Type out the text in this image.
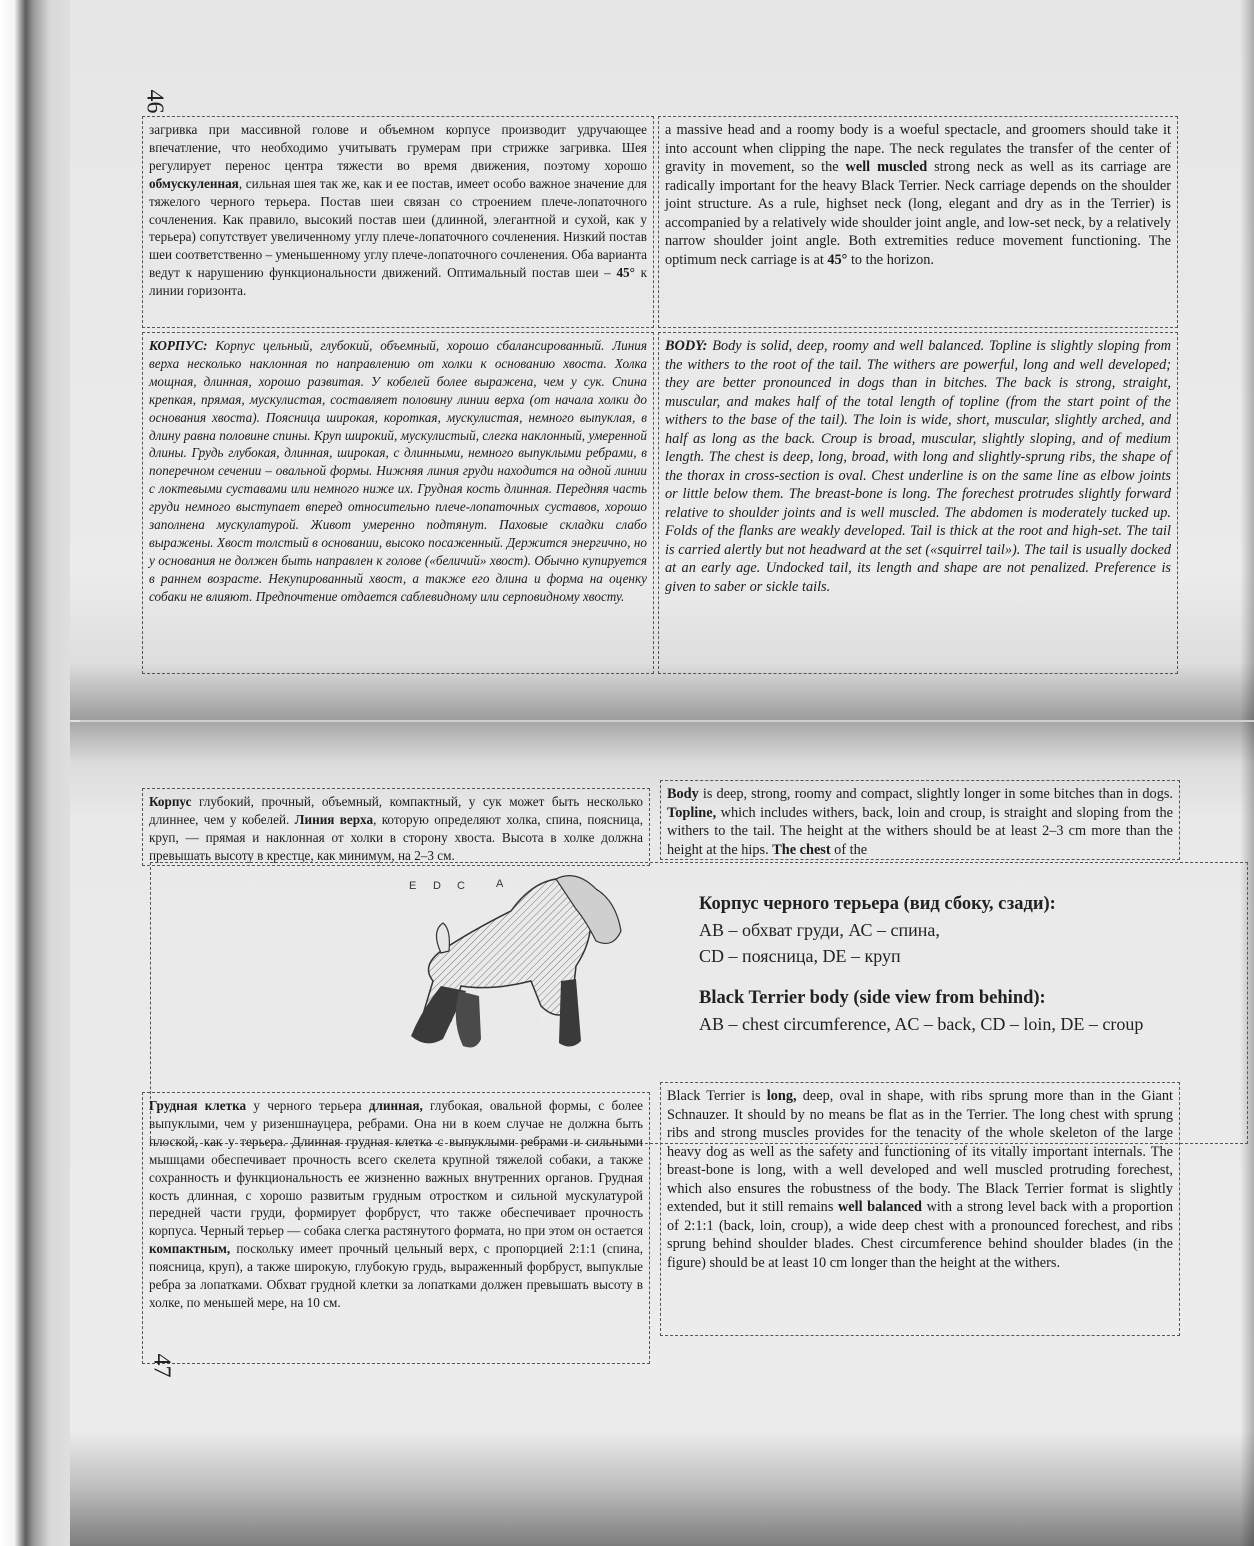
46

загривка при массивной голове и объемном корпусе производит удручающее впечатление, что необходимо учитывать грумерам при стрижке загривка. Шея регулирует перенос центра тяжести во время движения, поэтому хорошо обмускуленная, сильная шея так же, как и ее постав, имеет особо важное значение для тяжелого черного терьера. Постав шеи связан со строением плече-лопаточного сочленения. Как правило, высокий постав шеи (длинной, элегантной и сухой, как у терьера) сопутствует увеличенному углу плече-лопаточного сочленения. Низкий постав шеи соответственно – уменьшенному углу плече-лопаточного сочленения. Оба варианта ведут к нарушению функциональности движений. Оптимальный постав шеи – 45° к линии горизонта.

a massive head and a roomy body is a woeful spectacle, and groomers should take it into account when clipping the nape. The neck regulates the transfer of the center of gravity in movement, so the well muscled strong neck as well as its carriage are radically important for the heavy Black Terrier. Neck carriage depends on the shoulder joint structure. As a rule, highset neck (long, elegant and dry as in the Terrier) is accompanied by a relatively wide shoulder joint angle, and low-set neck, by a relatively narrow shoulder joint angle. Both extremities reduce movement functioning. The optimum neck carriage is at 45° to the horizon.

КОРПУС: Корпус цельный, глубокий, объемный, хорошо сбалансированный. Линия верха несколько наклонная по направлению от холки к основанию хвоста. Холка мощная, длинная, хорошо развитая. У кобелей более выражена, чем у сук. Спина крепкая, прямая, мускулистая, составляет половину линии верха (от начала холки до основания хвоста). Поясница широкая, короткая, мускулистая, немного выпуклая, в длину равна половине спины. Круп широкий, мускулистый, слегка наклонный, умеренной длины. Грудь глубокая, длинная, широкая, с длинными, немного выпуклыми ребрами, в поперечном сечении – овальной формы. Нижняя линия груди находится на одной линии с локтевыми суставами или немного ниже их. Грудная кость длинная. Передняя часть груди немного выступает вперед относительно плече-лопаточных суставов, хорошо заполнена мускулатурой. Живот умеренно подтянут. Паховые складки слабо выражены. Хвост толстый в основании, высоко посаженный. Держится энергично, но у основания не должен быть направлен к голове («беличий» хвост). Обычно купируется в раннем возрасте. Некупированный хвост, а также его длина и форма на оценку собаки не влияют. Предпочтение отдается саблевидному или серповидному хвосту.

BODY: Body is solid, deep, roomy and well balanced. Topline is slightly sloping from the withers to the root of the tail. The withers are powerful, long and well developed; they are better pronounced in dogs than in bitches. The back is strong, straight, muscular, and makes half of the total length of topline (from the start point of the withers to the base of the tail). The loin is wide, short, muscular, slightly arched, and half as long as the back. Croup is broad, muscular, slightly sloping, and of medium length. The chest is deep, long, broad, with long and slightly-sprung ribs, the shape of the thorax in cross-section is oval. Chest underline is on the same line as elbow joints or little below them. The breast-bone is long. The forechest protrudes slightly forward relative to shoulder joints and is well muscled. The abdomen is moderately tucked up. Folds of the flanks are weakly developed. Tail is thick at the root and high-set. The tail is carried alertly but not headward at the set («squirrel tail»). The tail is usually docked at an early age. Undocked tail, its length and shape are not penalized. Preference is given to saber or sickle tails.

Корпус глубокий, прочный, объемный, компактный, у сук может быть несколько длиннее, чем у кобелей. Линия верха, которую определяют холка, спина, поясница, круп, — прямая и наклонная от холки в сторону хвоста. Высота в холке должна превышать высоту в крестце, как минимум, на 2–3 см.

Body is deep, strong, roomy and compact, slightly longer in some bitches than in dogs. Topline, which includes withers, back, loin and croup, is straight and sloping from the withers to the tail. The height at the withers should be at least 2–3 cm more than the height at the hips. The chest of the

E D C	A
B
Корпус черного терьера (вид сбоку, сзади):
АВ – обхват груди, АС – спина,
CD – поясница, DE – круп
Black Terrier body (side view from behind):
AB – chest circumference, AC – back, CD – loin, DE – croup

Грудная клетка у черного терьера длинная, глубокая, овальной формы, с более выпуклыми, чем у ризеншнауцера, ребрами. Она ни в коем случае не должна быть плоской, как у терьера. Длинная грудная клетка с выпуклыми ребрами и сильными мышцами обеспечивает прочность всего скелета крупной тяжелой собаки, а также сохранность и функциональность ее жизненно важных внутренних органов. Грудная кость длинная, с хорошо развитым грудным отростком и сильной мускулатурой передней части груди, формирует форбруст, что также обеспечивает прочность корпуса. Черный терьер — собака слегка растянутого формата, но при этом он остается компактным, поскольку имеет прочный цельный верх, с пропорцией 2:1:1 (спина, поясница, круп), а также широкую, глубокую грудь, выраженный форбруст, выпуклые ребра за лопатками. Обхват грудной клетки за лопатками должен превышать высоту в холке, по меньшей мере, на 10 см.

Black Terrier is long, deep, oval in shape, with ribs sprung more than in the Giant Schnauzer. It should by no means be flat as in the Terrier. The long chest with sprung ribs and strong muscles provides for the tenacity of the whole skeleton of the large heavy dog as well as the safety and functioning of its vitally important internals. The breast-bone is long, with a well developed and well muscled protruding forechest, which also ensures the robustness of the body. The Black Terrier format is slightly extended, but it still remains well balanced with a strong level back with a proportion of 2:1:1 (back, loin, croup), a wide deep chest with a pronounced forechest, and ribs sprung behind shoulder blades. Chest circumference behind shoulder blades (in the figure) should be at least 10 cm longer than the height at the withers.

47
